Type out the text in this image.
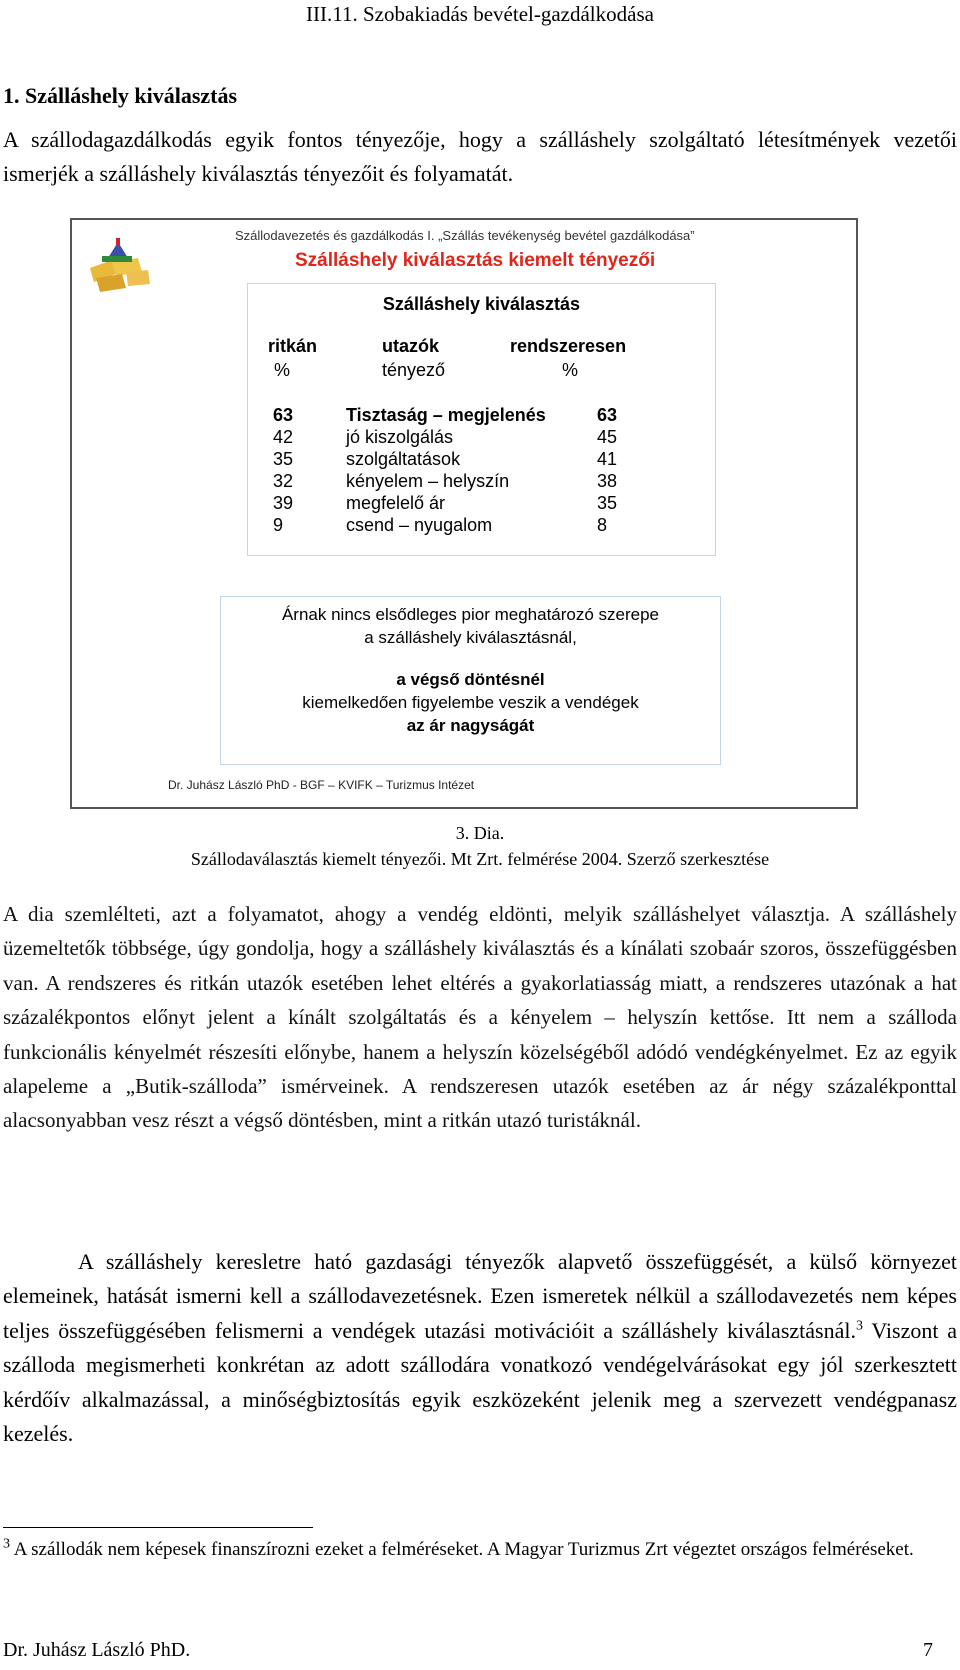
III.11. Szobakiadás bevétel-gazdálkodása
1. Szálláshely kiválasztás
A szállodagazdálkodás egyik fontos tényezője, hogy a szálláshely szolgáltató létesítmények vezetői ismerjék a szálláshely kiválasztás tényezőit és folyamatát.
Szállodavezetés és gazdálkodás I. „Szállás tevékenység bevétel gazdálkodása”
Szálláshely kiválasztás kiemelt tényezői
Szálláshely kiválasztás
ritkán	utazók	rendszeresen
%	tényező	%
63	Tisztaság – megjelenés	63
42	jó kiszolgálás	45
35	szolgáltatások	41
32	kényelem – helyszín	38
39	megfelelő ár	35
9	csend – nyugalom	8
Árnak nincs elsődleges pior meghatározó szerepe
a szálláshely kiválasztásnál,
a végső döntésnél
kiemelkedően figyelembe veszik a vendégek
az ár nagyságát
Dr. Juhász László PhD - BGF – KVIFK – Turizmus Intézet
3. Dia.
Szállodaválasztás kiemelt tényezői. Mt Zrt. felmérése 2004. Szerző szerkesztése
A dia szemlélteti, azt a folyamatot, ahogy a vendég eldönti, melyik szálláshelyet választja. A szálláshely üzemeltetők többsége, úgy gondolja, hogy a szálláshely kiválasztás és a kínálati szobaár szoros, összefüggésben van. A rendszeres és ritkán utazók esetében lehet eltérés a gyakorlatiasság miatt, a rendszeres utazónak a hat százalékpontos előnyt jelent a kínált szolgáltatás és a kényelem – helyszín kettőse. Itt nem a szálloda funkcionális kényelmét részesíti előnybe, hanem a helyszín közelségéből adódó vendégkényelmet. Ez az egyik alapeleme a „Butik-szálloda” ismérveinek. A rendszeresen utazók esetében az ár négy százalékponttal alacsonyabban vesz részt a végső döntésben, mint a ritkán utazó turistáknál.
A szálláshely keresletre ható gazdasági tényezők alapvető összefüggését, a külső környezet elemeinek, hatását ismerni kell a szállodavezetésnek. Ezen ismeretek nélkül a szállodavezetés nem képes teljes összefüggésében felismerni a vendégek utazási motivációit a szálláshely kiválasztásnál.$^3$ Viszont a szálloda megismerheti konkrétan az adott szállodára vonatkozó vendégelvárásokat egy jól szerkesztett kérdőív alkalmazással, a minőségbiztosítás egyik eszközeként jelenik meg a szervezett vendégpanasz kezelés.
$^3$ A szállodák nem képesek finanszírozni ezeket a felméréseket. A Magyar Turizmus Zrt végeztet országos felméréseket.
Dr. Juhász László PhD.	7
